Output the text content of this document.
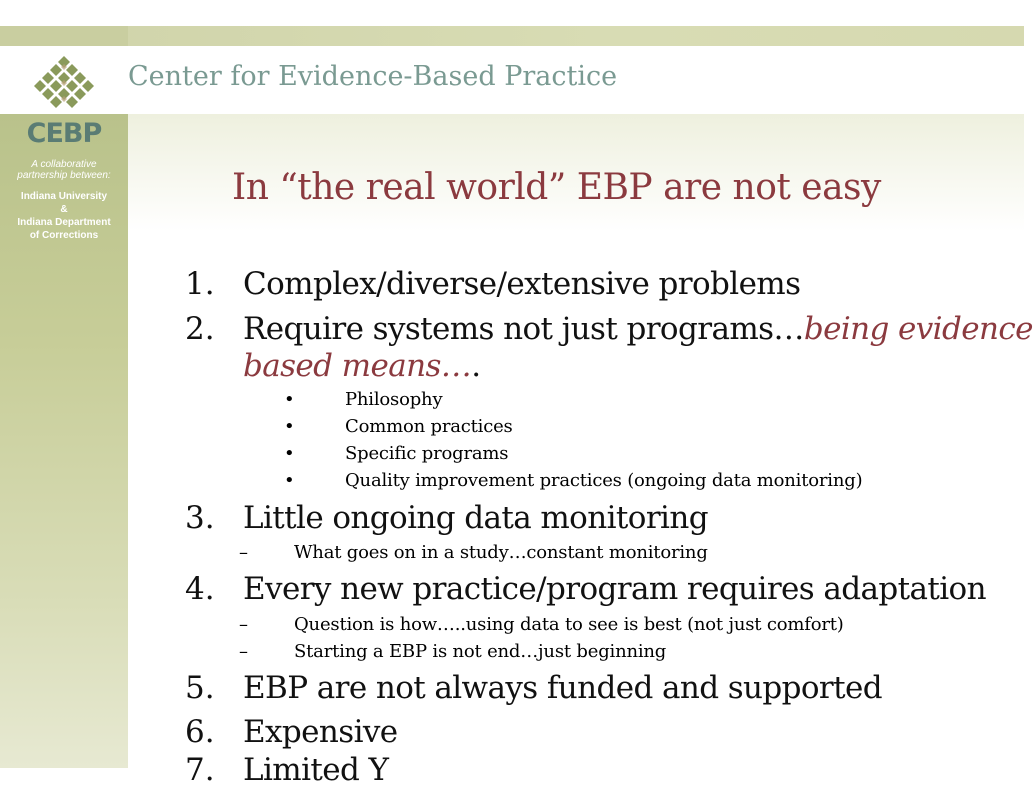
Center for Evidence-Based Practice
CEBP
A collaborative
partnership between:
Indiana University
&
Indiana Department
of Corrections
In “the real world” EBP are not easy
1. Complex/diverse/extensive problems
2. Require systems not just programs…being evidence
based means….
•	Philosophy
•	Common practices
•	Specific programs
•	Quality improvement practices (ongoing data monitoring)
3. Little ongoing data monitoring
–	What goes on in a study…constant monitoring
4. Every new practice/program requires adaptation
–	Question is how…..using data to see is best (not just comfort)
–	Starting a EBP is not end…just beginning
5. EBP are not always funded and supported
6. Expensive
7. Limited Y
